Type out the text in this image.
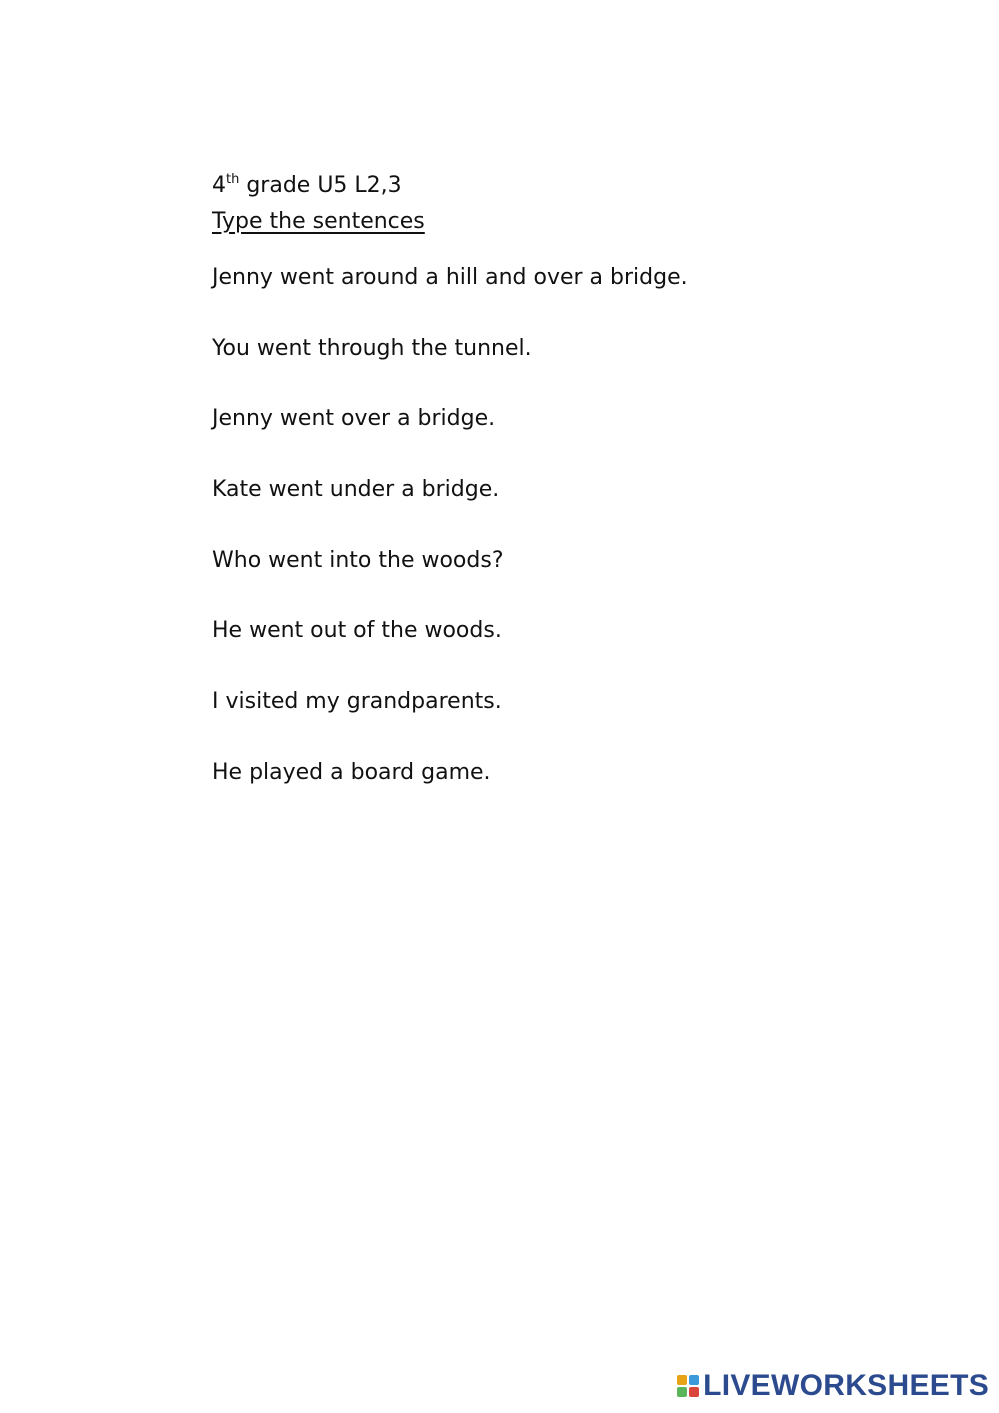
4th grade U5 L2,3
Type the sentences
Jenny went around a hill and over a bridge.
You went through the tunnel.
Jenny went over a bridge.
Kate went under a bridge.
Who went into the woods?
He went out of the woods.
I visited my grandparents.
He played a board game.
LIVEWORKSHEETS
